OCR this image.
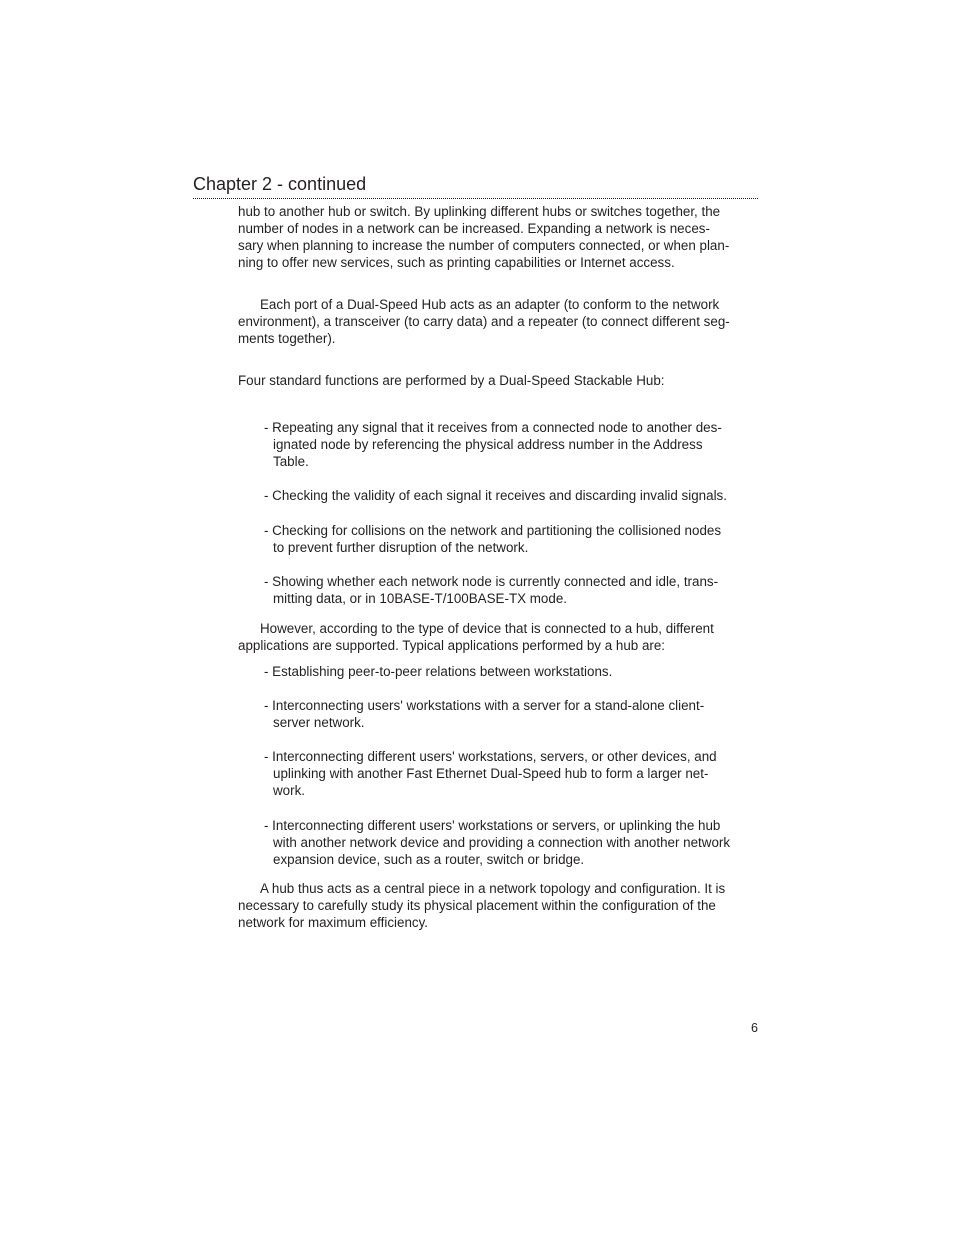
Chapter 2 - continued

hub to another hub or switch. By uplinking different hubs or switches together, the
number of nodes in a network can be increased. Expanding a network is neces-
sary when planning to increase the number of computers connected, or when plan-
ning to offer new services, such as printing capabilities or Internet access.

Each port of a Dual-Speed Hub acts as an adapter (to conform to the network
environment), a transceiver (to carry data) and a repeater (to connect different seg-
ments together).

Four standard functions are performed by a Dual-Speed Stackable Hub:

- Repeating any signal that it receives from a connected node to another des-
ignated node by referencing the physical address number in the Address
Table.

- Checking the validity of each signal it receives and discarding invalid signals.

- Checking for collisions on the network and partitioning the collisioned nodes
to prevent further disruption of the network.

- Showing whether each network node is currently connected and idle, trans-
mitting data, or in 10BASE-T/100BASE-TX mode.

However, according to the type of device that is connected to a hub, different
applications are supported. Typical applications performed by a hub are:

- Establishing peer-to-peer relations between workstations.

- Interconnecting users' workstations with a server for a stand-alone client-
server network.

- Interconnecting different users' workstations, servers, or other devices, and
uplinking with another Fast Ethernet Dual-Speed hub to form a larger net-
work.

- Interconnecting different users' workstations or servers, or uplinking the hub
with another network device and providing a connection with another network
expansion device, such as a router, switch or bridge.

A hub thus acts as a central piece in a network topology and configuration. It is
necessary to carefully study its physical placement within the configuration of the
network for maximum efficiency.

6
